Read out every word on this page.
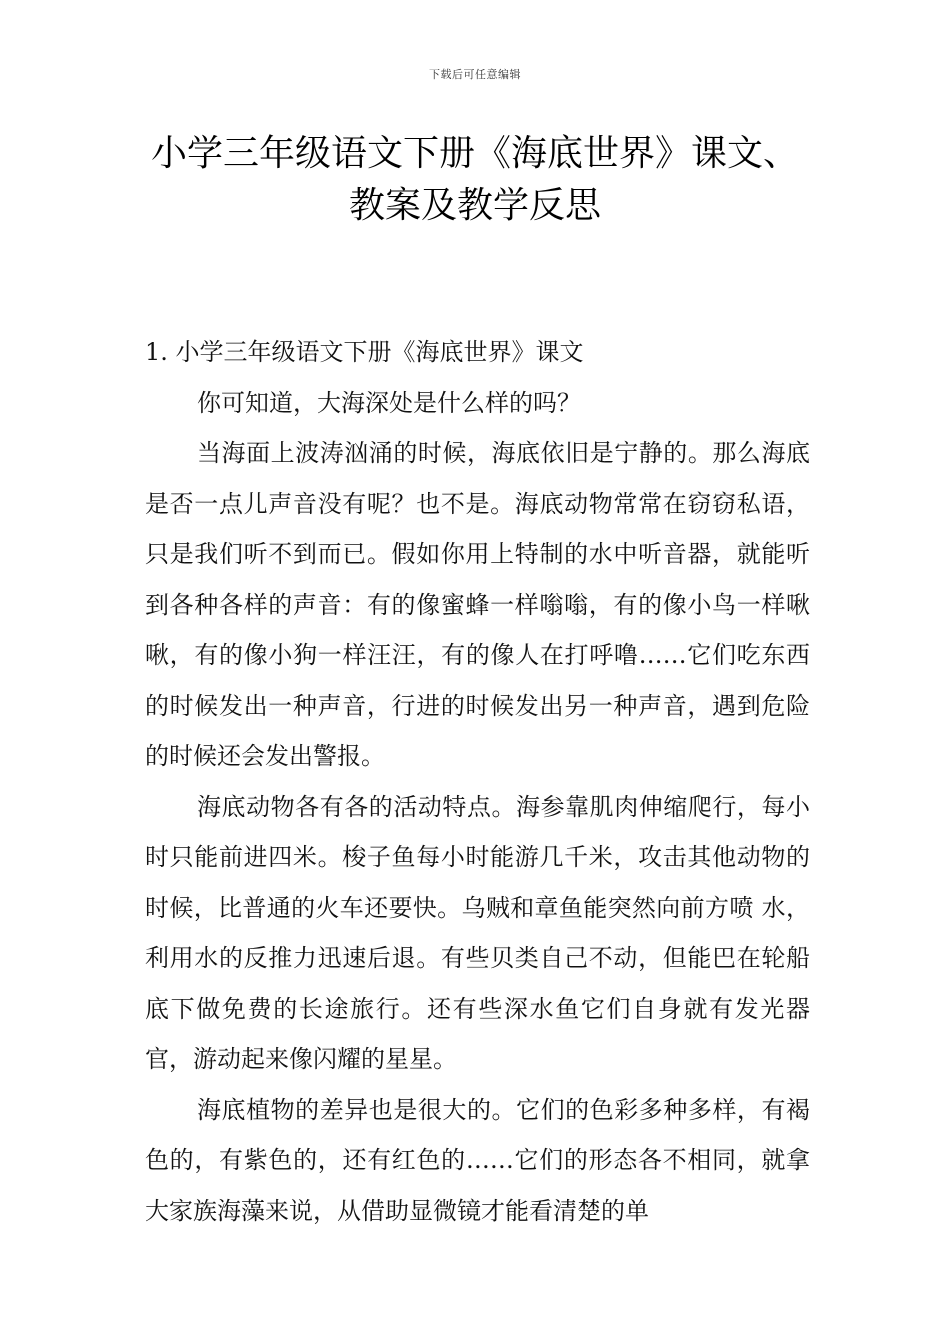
下载后可任意编辑
小学三年级语文下册《海底世界》课文、
教案及教学反思

1. 小学三年级语文下册《海底世界》课文

你可知道，大海深处是什么样的吗？

当海面上波涛汹涌的时候，海底依旧是宁静的。那么海底是否一点儿声音没有呢？也不是。海底动物常常在窃窃私语，只是我们听不到而已。假如你用上特制的水中听音器，就能听到各种各样的声音：有的像蜜蜂一样嗡嗡，有的像小鸟一样啾啾，有的像小狗一样汪汪，有的像人在打呼噜……它们吃东西的时候发出一种声音，行进的时候发出另一种声音，遇到危险的时候还会发出警报。

海底动物各有各的活动特点。海参靠肌肉伸缩爬行，每小时只能前进四米。梭子鱼每小时能游几千米，攻击其他动物的时候，比普通的火车还要快。乌贼和章鱼能突然向前方喷 水，利用水的反推力迅速后退。有些贝类自己不动，但能巴在轮船底下做免费的长途旅行。还有些深水鱼它们自身就有发光器官，游动起来像闪耀的星星。

海底植物的差异也是很大的。它们的色彩多种多样，有褐色的，有紫色的，还有红色的……它们的形态各不相同，就拿大家族海藻来说，从借助显微镜才能看清楚的单
